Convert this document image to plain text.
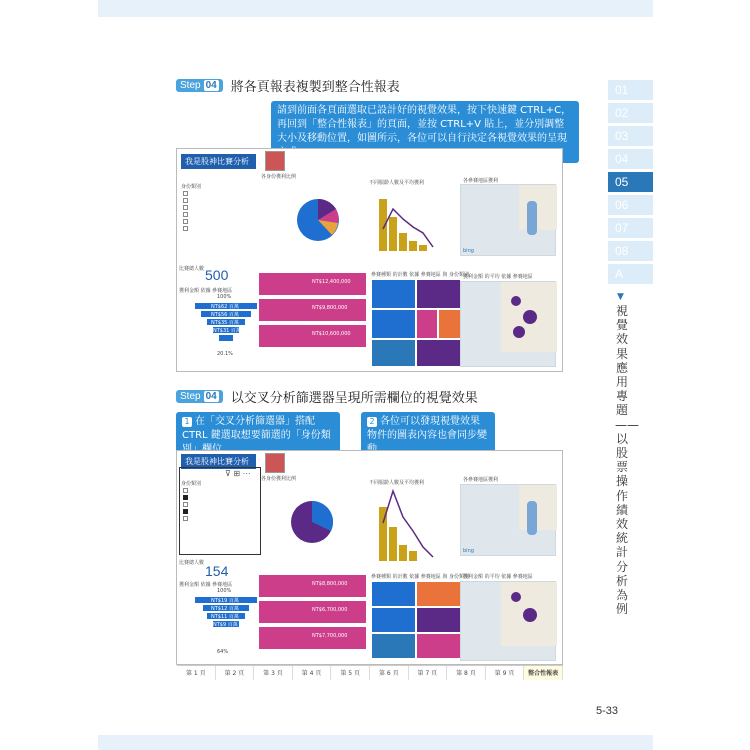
01
02
03
04
05
06
07
08
A
▼
視覺效果應用專題——以股票操作績效統計分析為例
Step 04 將各頁報表複製到整合性報表
請到前面各頁面選取已設計好的視覺效果，按下快速鍵 CTRL+C，再回到「整合性報表」的頁面，並按 CTRL+V 貼上，並分別調整大小及移動位置，如圖所示，各位可以自行決定各視覺效果的呈現
我是股神比賽分析
身份類別
各身份獲利比例
不同服齡人數及平均獲利	各參賽地區獲利
bing
比賽總人數 500
獲利金額 依據 參賽地區
100%
NT$62 百萬
NT$56 百萬
NT$35 百萬
NT$31 百萬
20.1%
NT$12,400,000
NT$9,800,000
NT$10,600,000
參賽種類 的計數 依據 參賽地區 與 身份類別
獲利金額 的平均 依據 參賽地區
Step 04 以交叉分析篩選器呈現所需欄位的視覺效果
1 在「交叉分析篩選器」搭配 CTRL 鍵選取想要篩選的「身份類
2 各位可以發現視覺效果物件的圖表內容也會同步變
我是股神比賽分析
身份類別
⊽ ⊞ ⋯
各身份獲利比例
不同服齡人數及平均獲利	各參賽地區獲利
bing
比賽總人數 154
獲利金額 依據 參賽地區
100%
NT$19 百萬
NT$12 百萬
NT$11 百萬
NT$9 百萬
64%
NT$8,800,000
NT$6,700,000
NT$7,700,000
參賽種類 的計數 依據 參賽地區 與 身份類別
獲利金額 的平均 依據 參賽地區
第 1 頁	第 2 頁	第 3 頁	第 4 頁	第 5 頁	第 6 頁	第 7 頁	第 8 頁	第 9 頁	整合性報表
5-33
